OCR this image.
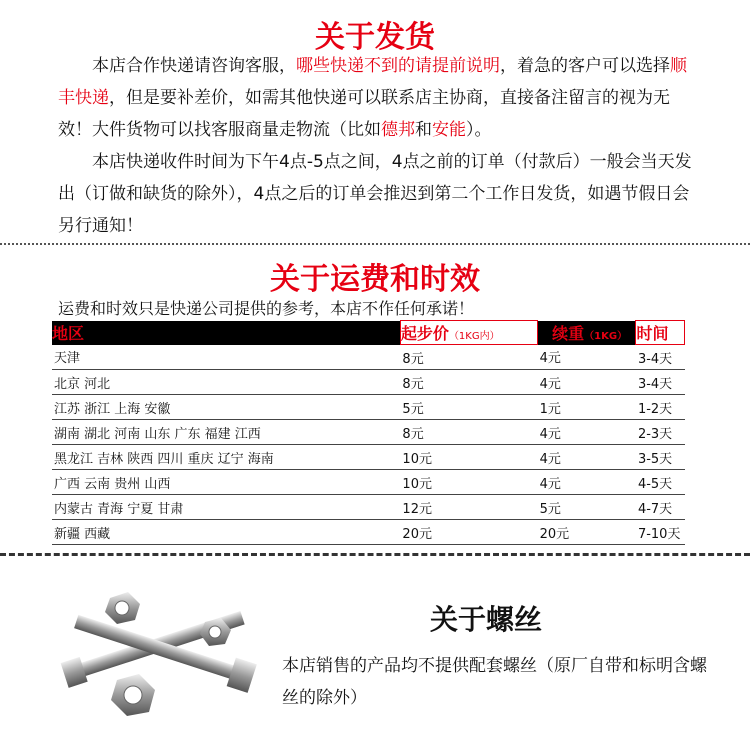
关于发货
本店合作快递请咨询客服，哪些快递不到的请提前说明，着急的客户可以选择顺丰快递，但是要补差价，如需其他快递可以联系店主协商，直接备注留言的视为无效！大件货物可以找客服商量走物流（比如德邦和安能）。
本店快递收件时间为下午4点-5点之间，4点之前的订单（付款后）一般会当天发出（订做和缺货的除外），4点之后的订单会推迟到第二个工作日发货，如遇节假日会另行通知！
关于运费和时效
运费和时效只是快递公司提供的参考，本店不作任何承诺！
地区	起步价（1KG内）	续重（1KG）	时间
天津	8元	4元	3-4天
北京 河北	8元	4元	3-4天
江苏 浙江 上海 安徽	5元	1元	1-2天
湖南 湖北 河南 山东 广东 福建 江西	8元	4元	2-3天
黑龙江 吉林 陕西 四川 重庆 辽宁 海南	10元	4元	3-5天
广西 云南 贵州 山西	10元	4元	4-5天
内蒙古 青海 宁夏 甘肃	12元	5元	4-7天
新疆 西藏	20元	20元	7-10天
关于螺丝
本店销售的产品均不提供配套螺丝（原厂自带和标明含螺丝的除外）
